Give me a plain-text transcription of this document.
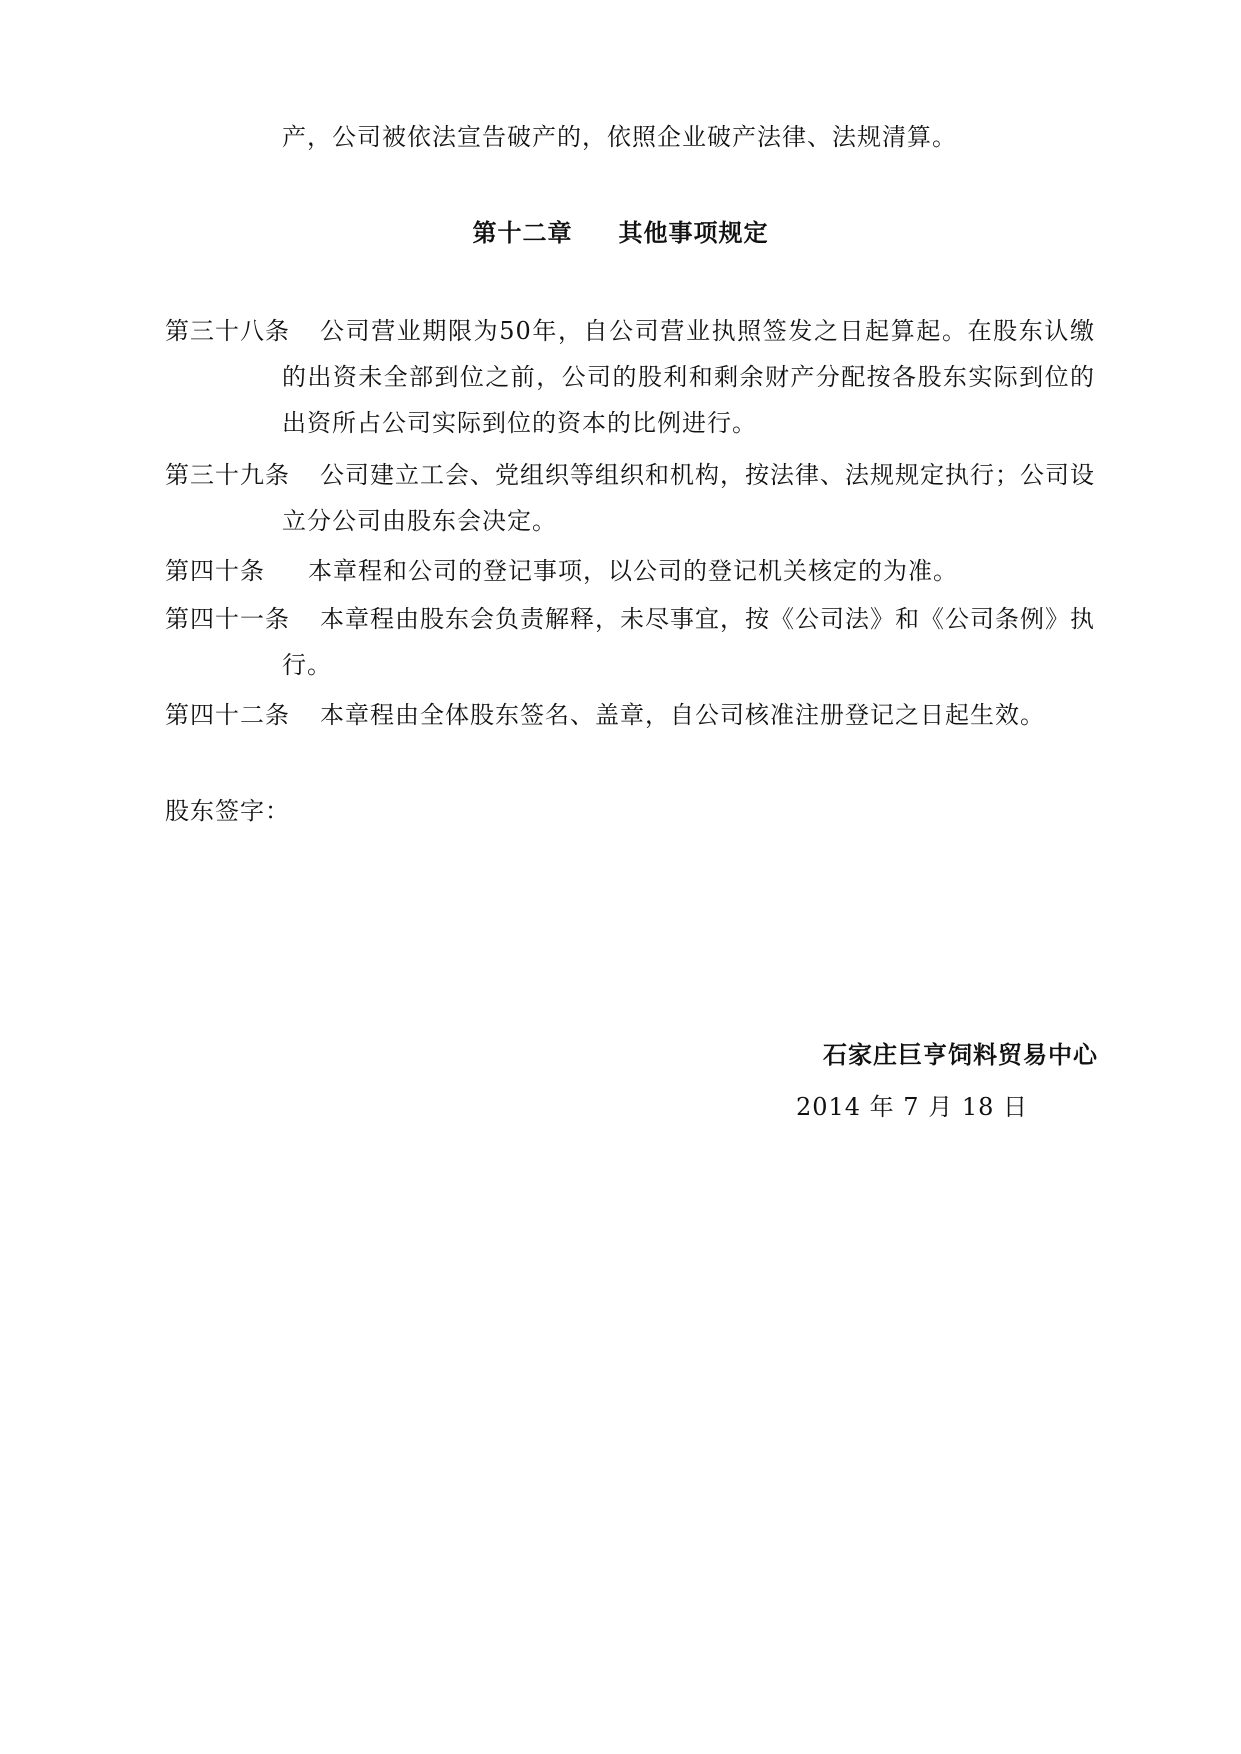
产，公司被依法宣告破产的，依照企业破产法律、法规清算。
第十二章 其他事项规定
第三十八条	公司营业期限为50年，自公司营业执照签发之日起算起。在股东认缴的出资未全部到位之前，公司的股利和剩余财产分配按各股东实际到位的出资所占公司实际到位的资本的比例进行。
第三十九条	公司建立工会、党组织等组织和机构，按法律、法规规定执行；公司设立分公司由股东会决定。
第四十条	本章程和公司的登记事项，以公司的登记机关核定的为准。
第四十一条	本章程由股东会负责解释，未尽事宜，按《公司法》和《公司条例》执行。
第四十二条	本章程由全体股东签名、盖章，自公司核准注册登记之日起生效。
股东签字：
石家庄巨亨饲料贸易中心
2014 年 7 月 18 日
